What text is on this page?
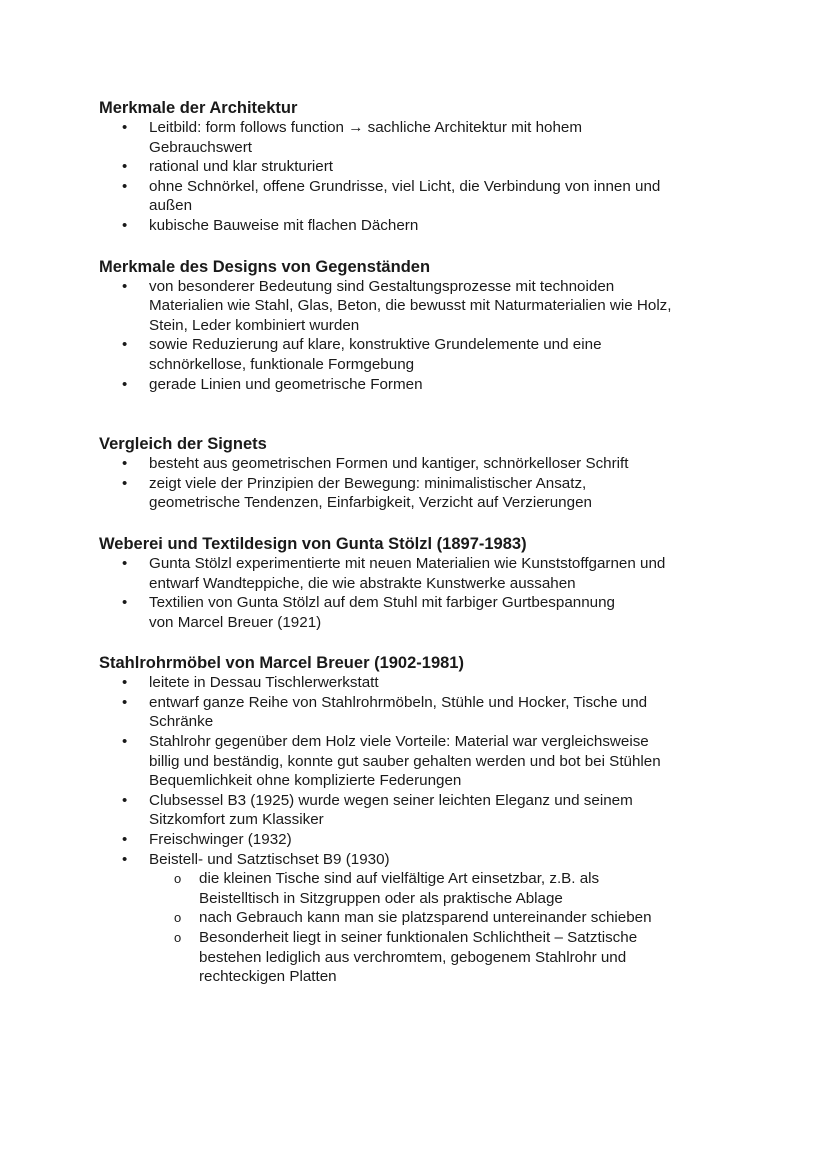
Merkmale der Architektur
• Leitbild: form follows function → sachliche Architektur mit hohem
Gebrauchswert
• rational und klar strukturiert
• ohne Schnörkel, offene Grundrisse, viel Licht, die Verbindung von innen und
außen
• kubische Bauweise mit flachen Dächern
Merkmale des Designs von Gegenständen
• von besonderer Bedeutung sind Gestaltungsprozesse mit technoiden
Materialien wie Stahl, Glas, Beton, die bewusst mit Naturmaterialien wie Holz,
Stein, Leder kombiniert wurden
• sowie Reduzierung auf klare, konstruktive Grundelemente und eine
schnörkellose, funktionale Formgebung
• gerade Linien und geometrische Formen
Vergleich der Signets
• besteht aus geometrischen Formen und kantiger, schnörkelloser Schrift
• zeigt viele der Prinzipien der Bewegung: minimalistischer Ansatz,
geometrische Tendenzen, Einfarbigkeit, Verzicht auf Verzierungen
Weberei und Textildesign von Gunta Stölzl (1897-1983)
• Gunta Stölzl experimentierte mit neuen Materialien wie Kunststoffgarnen und
entwarf Wandteppiche, die wie abstrakte Kunstwerke aussahen
• Textilien von Gunta Stölzl auf dem Stuhl mit farbiger Gurtbespannung
von Marcel Breuer (1921)
Stahlrohrmöbel von Marcel Breuer (1902-1981)
• leitete in Dessau Tischlerwerkstatt
• entwarf ganze Reihe von Stahlrohrmöbeln, Stühle und Hocker, Tische und
Schränke
• Stahlrohr gegenüber dem Holz viele Vorteile: Material war vergleichsweise
billig und beständig, konnte gut sauber gehalten werden und bot bei Stühlen
Bequemlichkeit ohne komplizierte Federungen
• Clubsessel B3 (1925) wurde wegen seiner leichten Eleganz und seinem
Sitzkomfort zum Klassiker
• Freischwinger (1932)
• Beistell- und Satztischset B9 (1930)
o die kleinen Tische sind auf vielfältige Art einsetzbar, z.B. als
Beistelltisch in Sitzgruppen oder als praktische Ablage
o nach Gebrauch kann man sie platzsparend untereinander schieben
o Besonderheit liegt in seiner funktionalen Schlichtheit – Satztische
bestehen lediglich aus verchromtem, gebogenem Stahlrohr und
rechteckigen Platten
